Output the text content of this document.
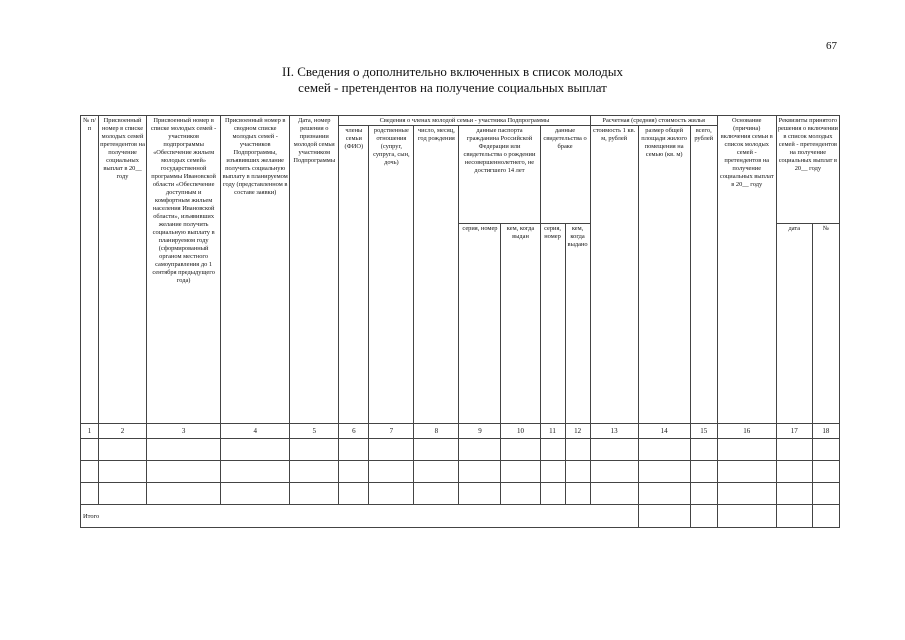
67
II. Сведения о дополнительно включенных в список молодых
семей - претендентов на получение социальных выплат
№ п/п	Присвоенный номер в списке молодых семей претендентов на получение социальных выплат в 20__ году	Присвоенный номер в списке молодых семей - участников подпрограммы «Обеспечение жильем молодых семей» государственной программы Ивановской области «Обеспечение доступным и комфортным жильем населения Ивановской области», изъявивших желание получить социальную выплату в планируемом году (сформированный органом местного самоуправления до 1 сентября предыдущего года)	Присвоенный номер в сводном списке молодых семей - участников Подпрограммы, изъявивших желание получить социальную выплату в планируемом году (представленном в составе заявки)	Дата, номер решения о признании молодой семьи участником Подпрограммы	Сведения о членах молодой семьи - участника Подпрограммы							Расчетная (средняя) стоимость жилья			Основание (причина) включения семьи в список молодых семей - претендентов на получение социальных выплат в 20__ году	Реквизиты принятого решения о включении в список молодых семей - претендентов на получение социальных выплат в 20__ году	
					члены семьи (ФИО)	родственные отношения (супруг, супруга, сын, дочь)	число, месяц, год рождения	данные паспорта гражданина Российской Федерации или свидетельства о рождении несовершеннолетнего, не достигшего 14 лет		данные свидетельства о браке		стоимость 1 кв. м, рублей	размер общей площади жилого помещения на семью (кв. м)	всего, рублей			
								серия, номер	кем, когда выдан	серия, номер	кем, когда выдано					дата	№
1	2	3	4	5	6	7	8	9	10	11	12	13	14	15	16	17	18

Итого																	
